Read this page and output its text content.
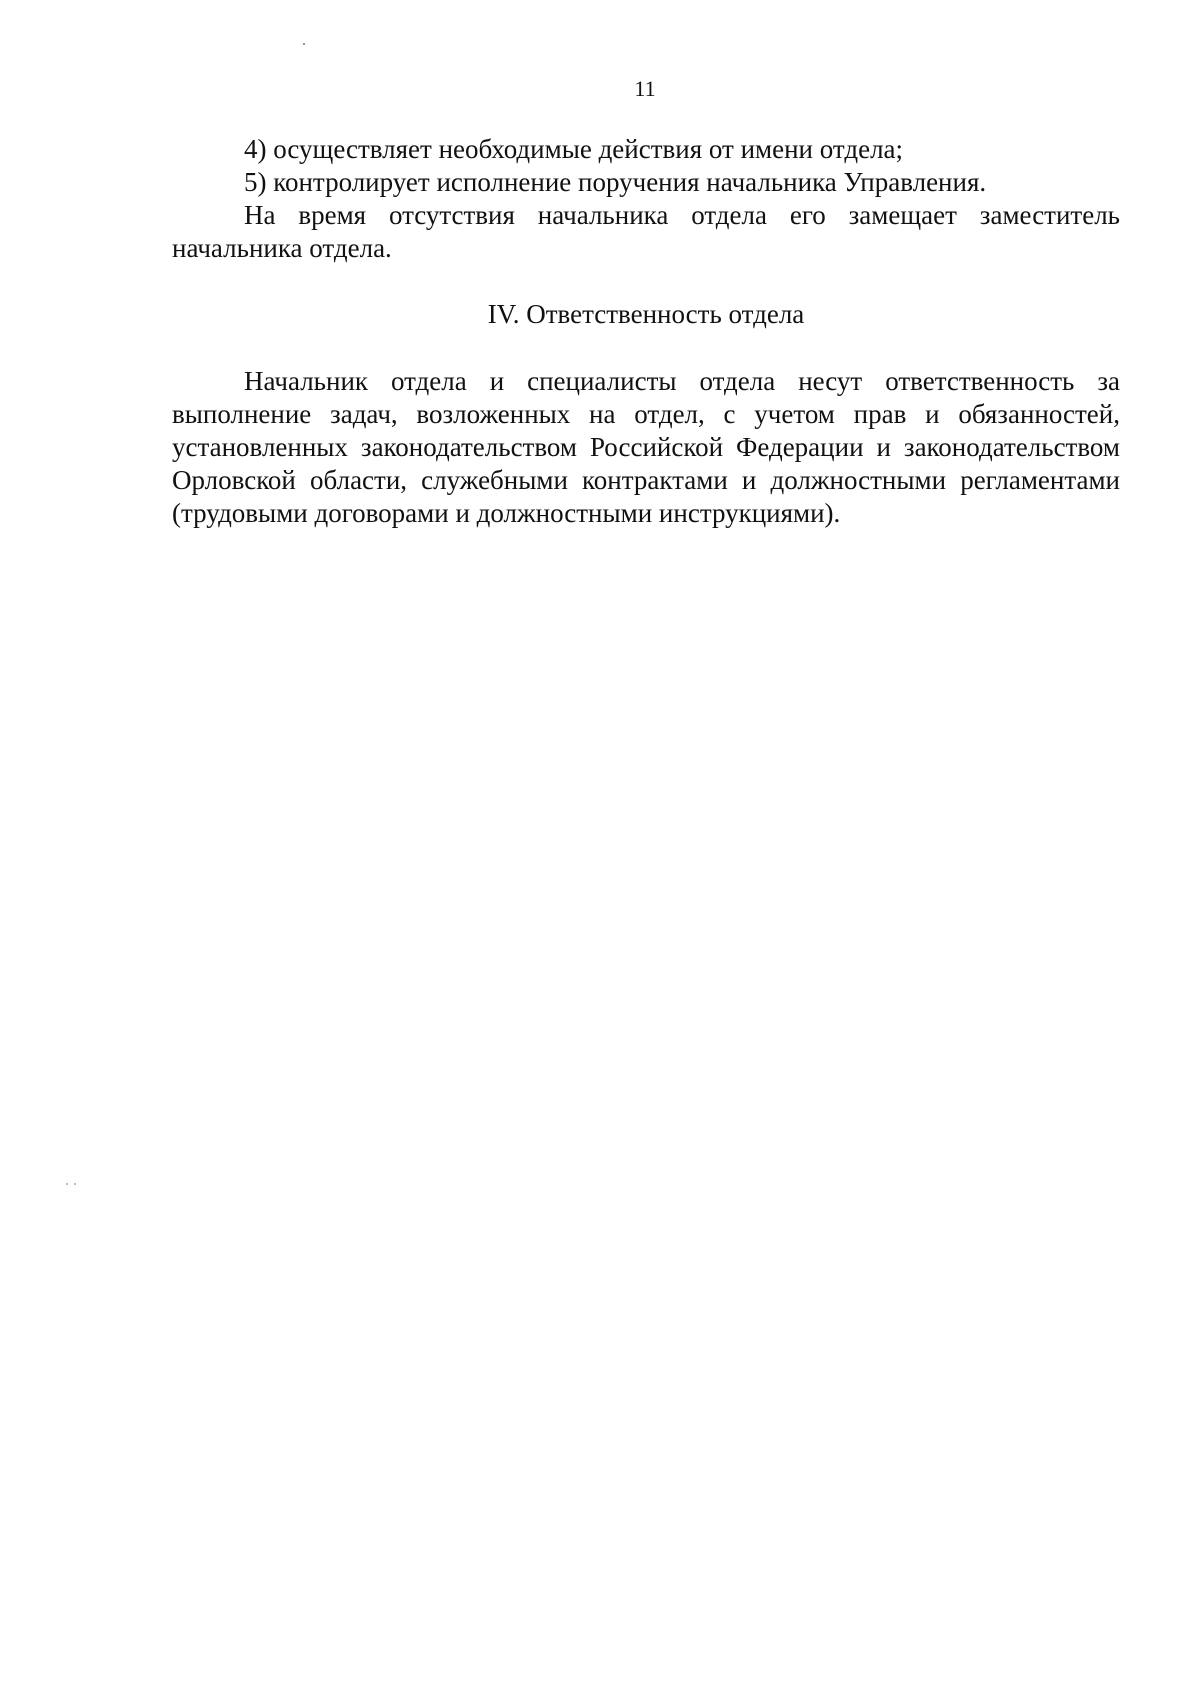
11

4) осуществляет необходимые действия от имени отдела;

5) контролирует исполнение поручения начальника Управления.

На время отсутствия начальника отдела его замещает заместитель начальника отдела.

IV. Ответственность отдела

Начальник отдела и специалисты отдела несут ответственность за выполнение задач, возложенных на отдел, с учетом прав и обязанностей, установленных законодательством Российской Федерации и законодательством Орловской области, служебными контрактами и должностными регламентами (трудовыми договорами и должностными инструкциями).
